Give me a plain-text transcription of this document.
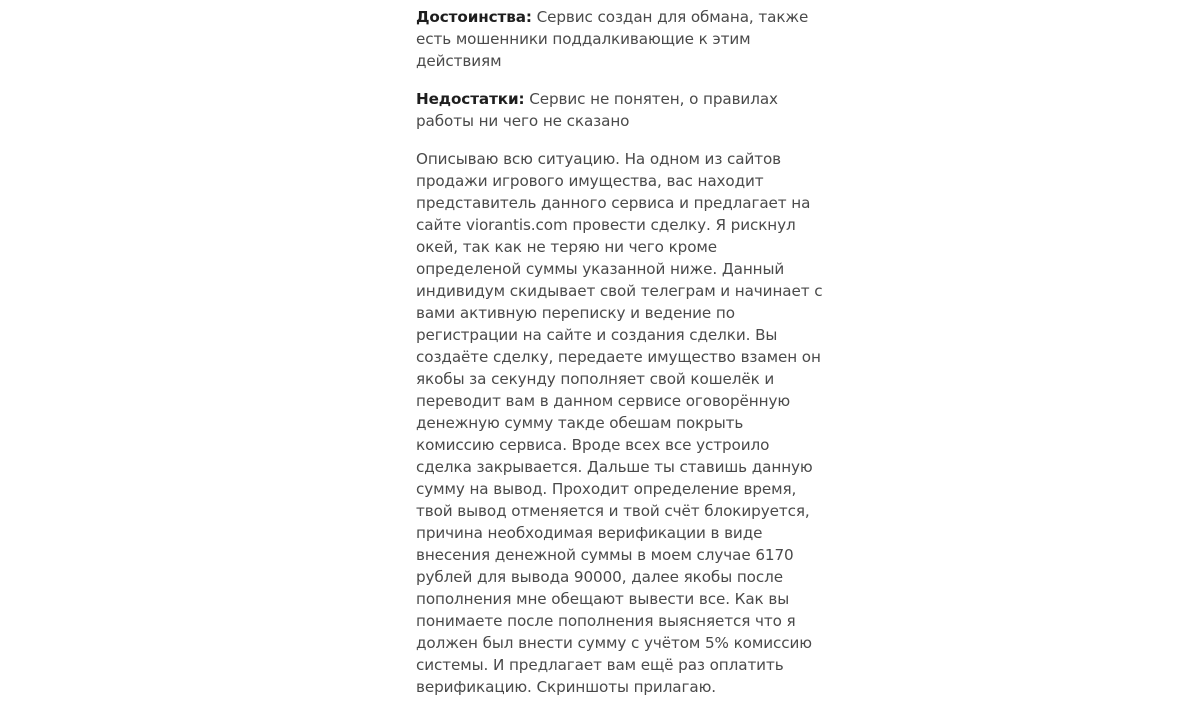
Достоинства: Сервис создан для обмана, также
есть мошенники поддалкивающие к этим
действиям

Недостатки: Сервис не понятен, о правилах
работы ни чего не сказано

Описываю всю ситуацию. На одном из сайтов
продажи игрового имущества, вас находит
представитель данного сервиса и предлагает на
сайте viorantis.com провести сделку. Я рискнул
окей, так как не теряю ни чего кроме
определеной суммы указанной ниже. Данный
индивидум скидывает свой телеграм и начинает с
вами активную переписку и ведение по
регистрации на сайте и создания сделки. Вы
создаёте сделку, передаете имущество взамен он
якобы за секунду пополняет свой кошелёк и
переводит вам в данном сервисе оговорённую
денежную сумму такде обешам покрыть
комиссию сервиса. Вроде всех все устроило
сделка закрывается. Дальше ты ставишь данную
сумму на вывод. Проходит определение время,
твой вывод отменяется и твой счёт блокируется,
причина необходимая верификации в виде
внесения денежной суммы в моем случае 6170
рублей для вывода 90000, далее якобы после
пополнения мне обещают вывести все. Как вы
понимаете после пополнения выясняется что я
должен был внести сумму с учётом 5% комиссию
системы. И предлагает вам ещё раз оплатить
верификацию. Скриншоты прилагаю.
